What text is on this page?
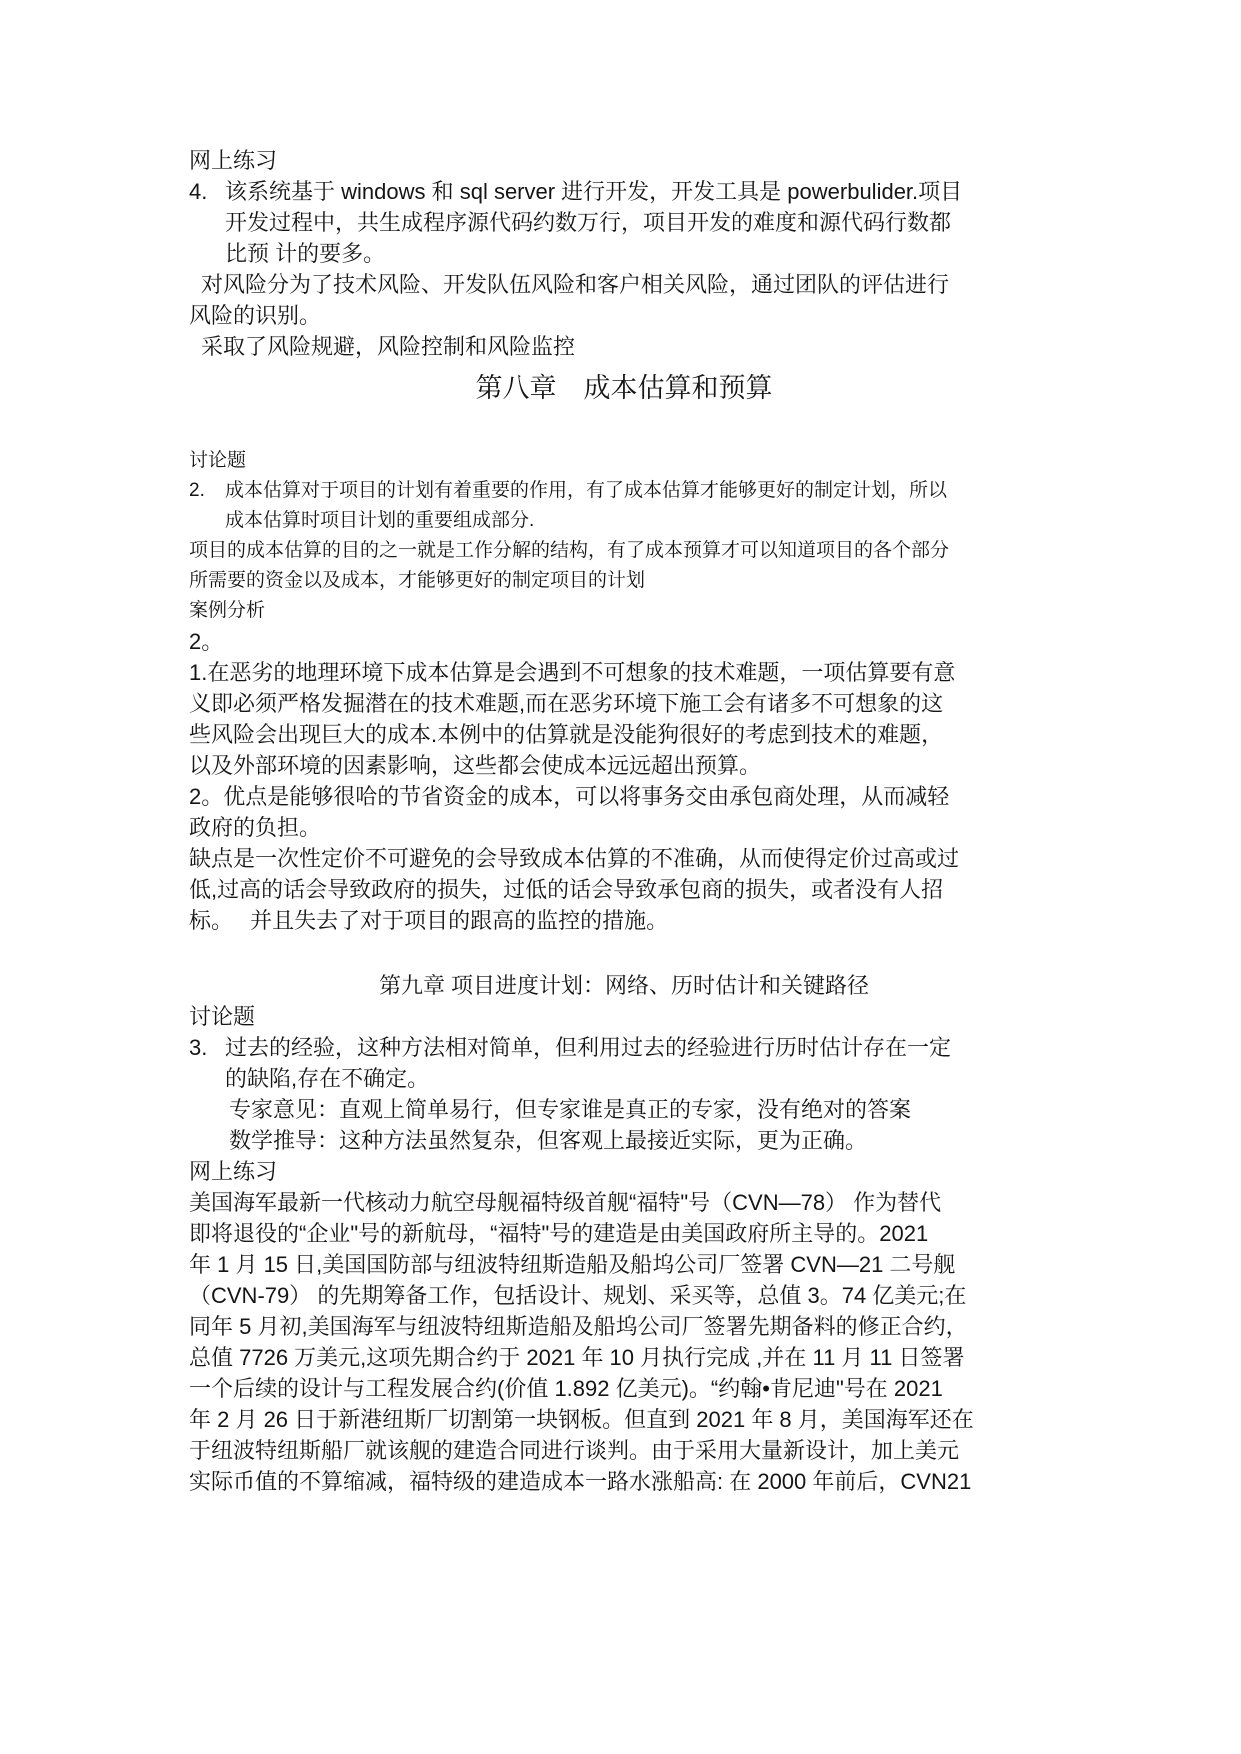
网上练习
4. 该系统基于 windows 和 sql server 进行开发，开发工具是 powerbulider.项目
开发过程中，共生成程序源代码约数万行，项目开发的难度和源代码行数都
比预 计的要多。
对风险分为了技术风险、开发队伍风险和客户相关风险，通过团队的评估进行
风险的识别。
采取了风险规避，风险控制和风险监控
第八章　成本估算和预算
讨论题
2. 成本估算对于项目的计划有着重要的作用，有了成本估算才能够更好的制定计划，所以
成本估算时项目计划的重要组成部分.
项目的成本估算的目的之一就是工作分解的结构，有了成本预算才可以知道项目的各个部分
所需要的资金以及成本，才能够更好的制定项目的计划
案例分析
2。
1.在恶劣的地理环境下成本估算是会遇到不可想象的技术难题，一项估算要有意
义即必须严格发掘潜在的技术难题,而在恶劣环境下施工会有诸多不可想象的这
些风险会出现巨大的成本.本例中的估算就是没能狗很好的考虑到技术的难题，
以及外部环境的因素影响，这些都会使成本远远超出预算。
2。优点是能够很哈的节省资金的成本，可以将事务交由承包商处理，从而减轻
政府的负担。
缺点是一次性定价不可避免的会导致成本估算的不准确，从而使得定价过高或过
低,过高的话会导致政府的损失，过低的话会导致承包商的损失，或者没有人招
标。　 并且失去了对于项目的跟高的监控的措施。
第九章 项目进度计划：网络、历时估计和关键路径
讨论题
3. 过去的经验，这种方法相对简单，但利用过去的经验进行历时估计存在一定
的缺陷,存在不确定。
专家意见：直观上简单易行，但专家谁是真正的专家，没有绝对的答案
数学推导：这种方法虽然复杂，但客观上最接近实际，更为正确。
网上练习
美国海军最新一代核动力航空母舰福特级首舰“福特"号（CVN—78） 作为替代
即将退役的“企业"号的新航母，“福特"号的建造是由美国政府所主导的。2021
年 1 月 15 日,美国国防部与纽波特纽斯造船及船坞公司厂签署 CVN—21 二号舰
（CVN-79） 的先期筹备工作，包括设计、规划、采买等，总值 3。74 亿美元;在
同年 5 月初,美国海军与纽波特纽斯造船及船坞公司厂签署先期备料的修正合约，
总值 7726 万美元,这项先期合约于 2021 年 10 月执行完成 ,并在 11 月 11 日签署
一个后续的设计与工程发展合约(价值 1.892 亿美元)。“约翰•肯尼迪"号在 2021
年 2 月 26 日于新港纽斯厂切割第一块钢板。但直到 2021 年 8 月，美国海军还在
于纽波特纽斯船厂就该舰的建造合同进行谈判。由于采用大量新设计，加上美元
实际币值的不算缩减，福特级的建造成本一路水涨船高: 在 2000 年前后，CVN21
